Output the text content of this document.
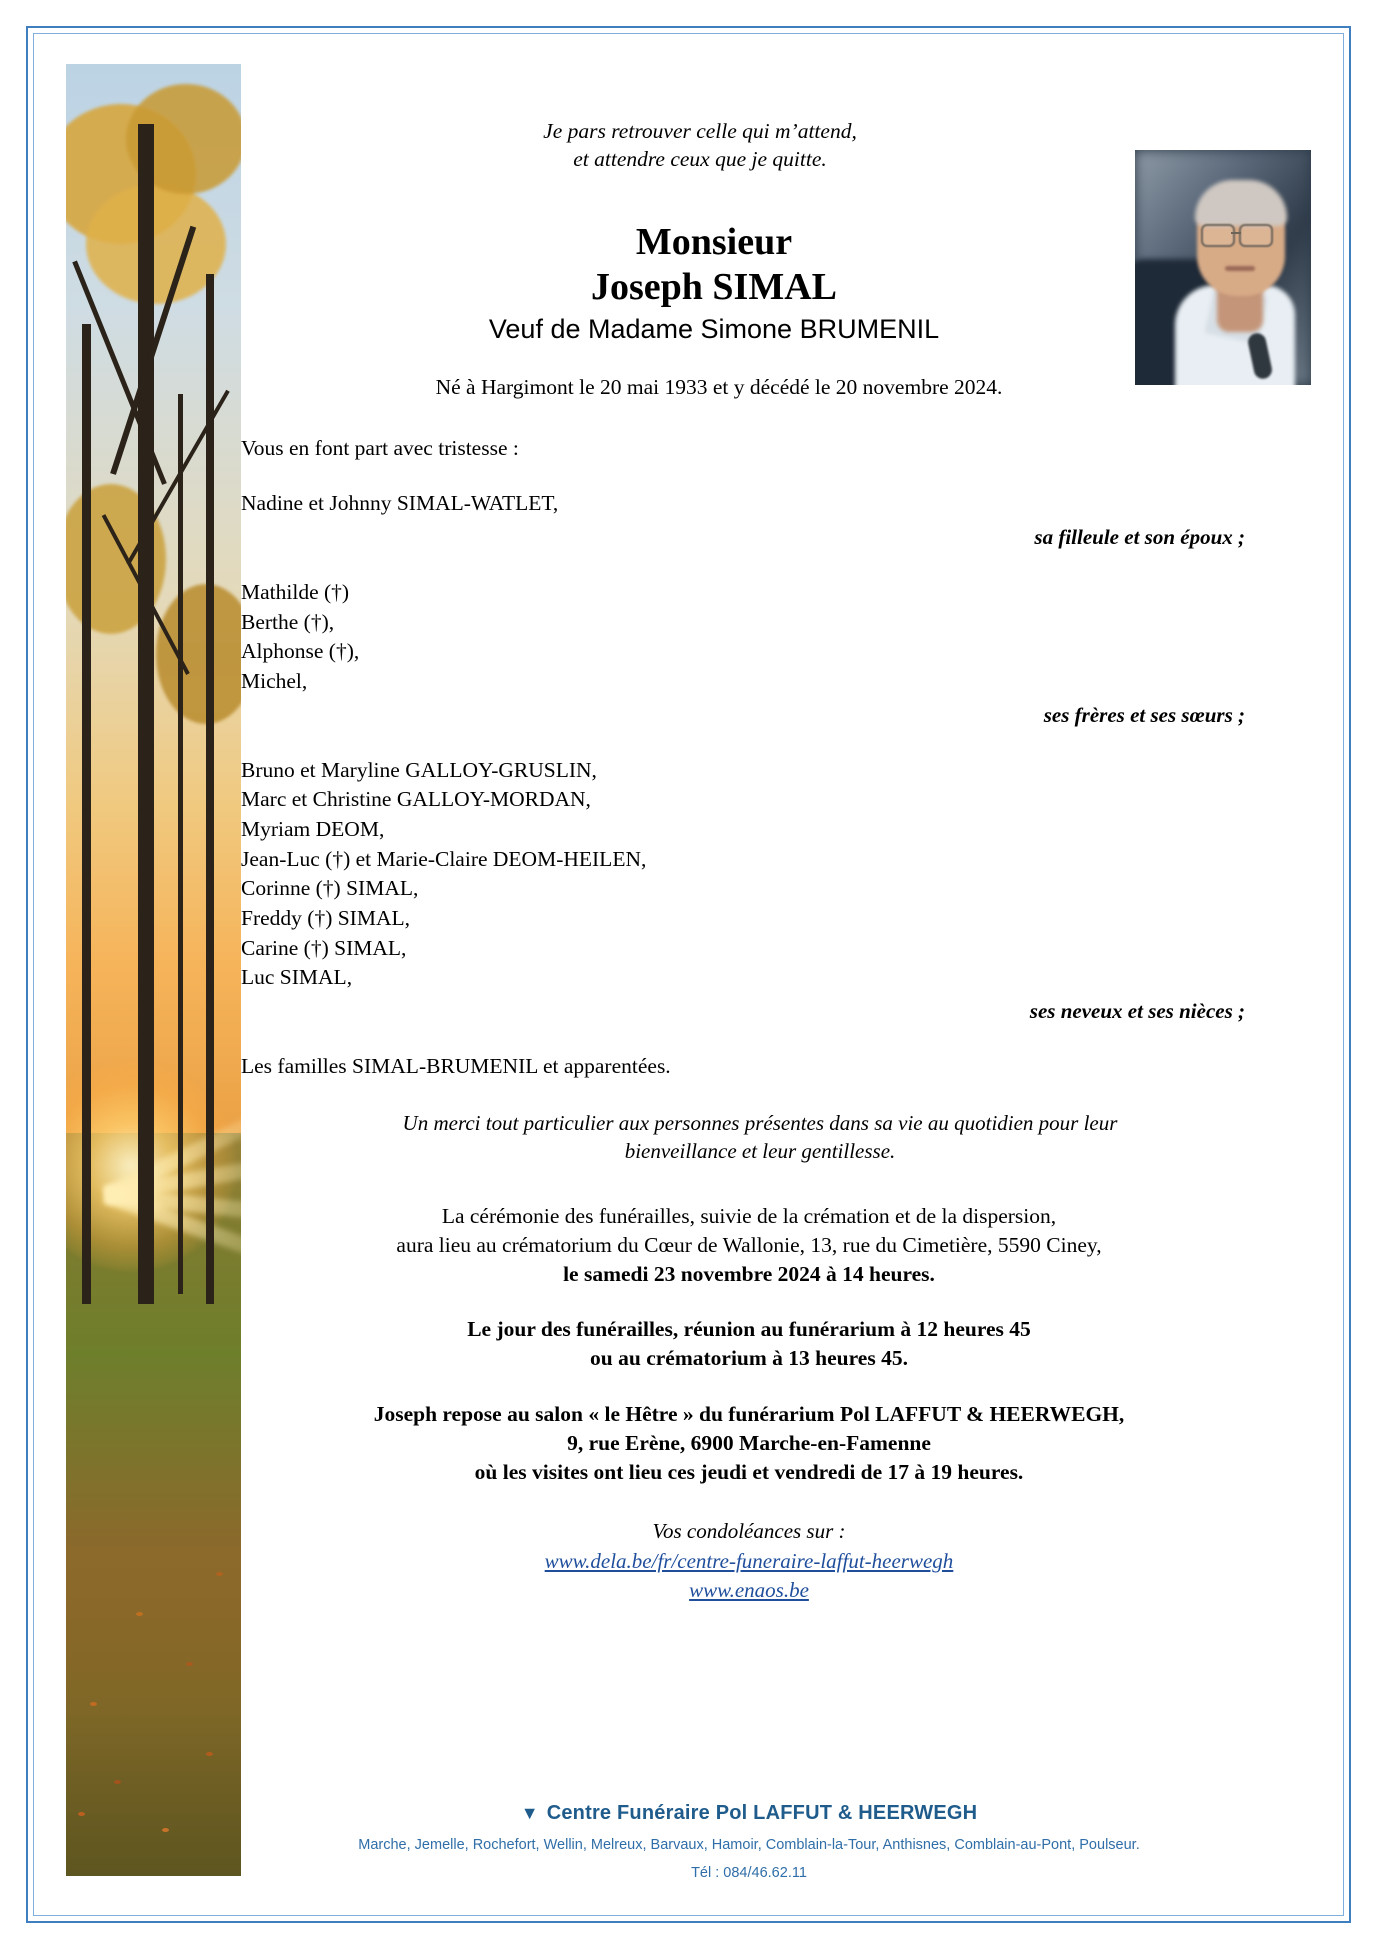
Je pars retrouver celle qui m’attend,
et attendre ceux que je quitte.
Monsieur
Joseph SIMAL
Veuf de Madame Simone BRUMENIL
Né à Hargimont le 20 mai 1933 et y décédé le 20 novembre 2024.
Vous en font part avec tristesse :
Nadine et Johnny SIMAL-WATLET,
sa filleule et son époux ;
Mathilde (†)
Berthe (†),
Alphonse (†),
Michel,
ses frères et ses sœurs ;
Bruno et Maryline GALLOY-GRUSLIN,
Marc et Christine GALLOY-MORDAN,
Myriam DEOM,
Jean-Luc (†) et Marie-Claire DEOM-HEILEN,
Corinne (†) SIMAL,
Freddy (†) SIMAL,
Carine (†) SIMAL,
Luc SIMAL,
ses neveux et ses nièces ;
Les familles SIMAL-BRUMENIL et apparentées.
Un merci tout particulier aux personnes présentes dans sa vie au quotidien pour leur
bienveillance et leur gentillesse.
La cérémonie des funérailles, suivie de la crémation et de la dispersion,
aura lieu au crématorium du Cœur de Wallonie, 13, rue du Cimetière, 5590 Ciney,
le samedi 23 novembre 2024 à 14 heures.
Le jour des funérailles, réunion au funérarium à 12 heures 45
ou au crématorium à 13 heures 45.
Joseph repose au salon « le Hêtre » du funérarium Pol LAFFUT & HEERWEGH,
9, rue Erène, 6900 Marche-en-Famenne
où les visites ont lieu ces jeudi et vendredi de 17 à 19 heures.
Vos condoléances sur :
www.dela.be/fr/centre-funeraire-laffut-heerwegh
www.enaos.be
▼ Centre Funéraire Pol LAFFUT & HEERWEGH
Marche, Jemelle, Rochefort, Wellin, Melreux, Barvaux, Hamoir, Comblain-la-Tour, Anthisnes, Comblain-au-Pont, Poulseur.
Tél : 084/46.62.11
